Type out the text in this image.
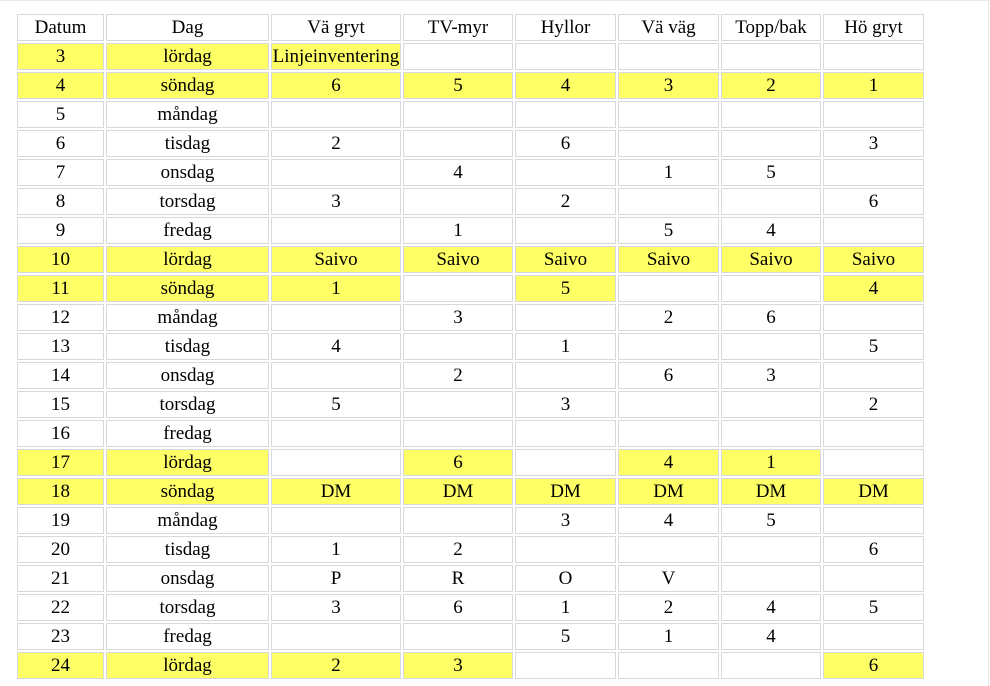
Datum	Dag	Vä gryt	TV-myr	Hyllor	Vä väg	Topp/bak	Hö gryt
3	lördag	Linjeinventering					
4	söndag	6	5	4	3	2	1
5	måndag						
6	tisdag	2		6			3
7	onsdag		4		1	5	
8	torsdag	3		2			6
9	fredag		1		5	4	
10	lördag	Saivo	Saivo	Saivo	Saivo	Saivo	Saivo
11	söndag	1		5			4
12	måndag		3		2	6	
13	tisdag	4		1			5
14	onsdag		2		6	3	
15	torsdag	5		3			2
16	fredag						
17	lördag		6		4	1	
18	söndag	DM	DM	DM	DM	DM	DM
19	måndag			3	4	5	
20	tisdag	1	2				6
21	onsdag	P	R	O	V		
22	torsdag	3	6	1	2	4	5
23	fredag			5	1	4	
24	lördag	2	3				6
